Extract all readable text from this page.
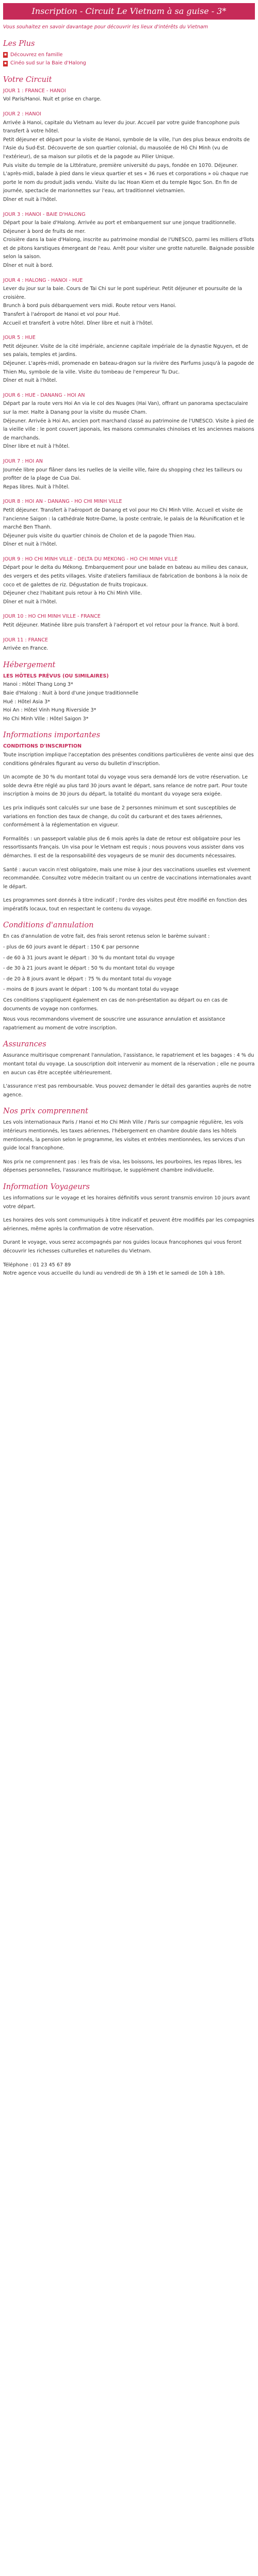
Inscription - Circuit Le Vietnam à sa guise - 3*

Vous souhaitez en savoir davantage pour découvrir les lieux d'intérêts du Vietnam

Les Plus
■ Découvrez en famille
■ Cinéo sud sur la Baie d'Halong
Votre Circuit

JOUR 1 : FRANCE - HANOI

Vol Paris/Hanoi. Nuit et prise en charge.

JOUR 2 : HANOI

Arrivée à Hanoi, capitale du Vietnam au lever du jour. Accueil par votre guide francophone puis transfert à votre hôtel.

Petit déjeuner et départ pour la visite de Hanoi, symbole de la ville, l'un des plus beaux endroits de l'Asie du Sud-Est. Découverte de son quartier colonial, du mausolée de Hô Chi Minh (vu de l'extérieur), de sa maison sur pilotis et de la pagode au Pilier Unique.

Puis visite du temple de la Littérature, première université du pays, fondée en 1070. Déjeuner. L'après-midi, balade à pied dans le vieux quartier et ses « 36 rues et corporations » où chaque rue porte le nom du produit jadis vendu. Visite du lac Hoan Kiem et du temple Ngoc Son. En fin de journée, spectacle de marionnettes sur l'eau, art traditionnel vietnamien.

Dîner et nuit à l'hôtel.

JOUR 3 : HANOI - BAIE D'HALONG

Départ pour la baie d'Halong. Arrivée au port et embarquement sur une jonque traditionnelle. Déjeuner à bord de fruits de mer.

Croisière dans la baie d'Halong, inscrite au patrimoine mondial de l'UNESCO, parmi les milliers d'îlots et de pitons karstiques émergeant de l'eau. Arrêt pour visiter une grotte naturelle. Baignade possible selon la saison.

Dîner et nuit à bord.

JOUR 4 : HALONG - HANOI - HUE

Lever du jour sur la baie. Cours de Tai Chi sur le pont supérieur. Petit déjeuner et poursuite de la croisière.

Brunch à bord puis débarquement vers midi. Route retour vers Hanoi.

Transfert à l'aéroport de Hanoi et vol pour Hué.

Accueil et transfert à votre hôtel. Dîner libre et nuit à l'hôtel.

JOUR 5 : HUE

Petit déjeuner. Visite de la cité impériale, ancienne capitale impériale de la dynastie Nguyen, et de ses palais, temples et jardins.

Déjeuner. L'après-midi, promenade en bateau-dragon sur la rivière des Parfums jusqu'à la pagode de Thien Mu, symbole de la ville. Visite du tombeau de l'empereur Tu Duc.

Dîner et nuit à l'hôtel.

JOUR 6 : HUE - DANANG - HOI AN

Départ par la route vers Hoi An via le col des Nuages (Hai Van), offrant un panorama spectaculaire sur la mer. Halte à Danang pour la visite du musée Cham.

Déjeuner. Arrivée à Hoi An, ancien port marchand classé au patrimoine de l'UNESCO. Visite à pied de la vieille ville : le pont couvert japonais, les maisons communales chinoises et les anciennes maisons de marchands.

Dîner libre et nuit à l'hôtel.

JOUR 7 : HOI AN

Journée libre pour flâner dans les ruelles de la vieille ville, faire du shopping chez les tailleurs ou profiter de la plage de Cua Dai.

Repas libres. Nuit à l'hôtel.

JOUR 8 : HOI AN - DANANG - HO CHI MINH VILLE

Petit déjeuner. Transfert à l'aéroport de Danang et vol pour Ho Chi Minh Ville. Accueil et visite de l'ancienne Saigon : la cathédrale Notre-Dame, la poste centrale, le palais de la Réunification et le marché Ben Thanh.

Déjeuner puis visite du quartier chinois de Cholon et de la pagode Thien Hau.

Dîner et nuit à l'hôtel.

JOUR 9 : HO CHI MINH VILLE - DELTA DU MEKONG - HO CHI MINH VILLE

Départ pour le delta du Mékong. Embarquement pour une balade en bateau au milieu des canaux, des vergers et des petits villages. Visite d'ateliers familiaux de fabrication de bonbons à la noix de coco et de galettes de riz. Dégustation de fruits tropicaux.

Déjeuner chez l'habitant puis retour à Ho Chi Minh Ville.

Dîner et nuit à l'hôtel.

JOUR 10 : HO CHI MINH VILLE - FRANCE

Petit déjeuner. Matinée libre puis transfert à l'aéroport et vol retour pour la France. Nuit à bord.

JOUR 11 : FRANCE

Arrivée en France.

Hébergement

LES HÔTELS PRÉVUS (OU SIMILAIRES)

Hanoi : Hôtel Thang Long 3*

Baie d'Halong : Nuit à bord d'une jonque traditionnelle

Hué : Hôtel Asia 3*

Hoi An : Hôtel Vinh Hung Riverside 3*

Ho Chi Minh Ville : Hôtel Saigon 3*

Informations importantes

CONDITIONS D'INSCRIPTION

Toute inscription implique l'acceptation des présentes conditions particulières de vente ainsi que des conditions générales figurant au verso du bulletin d'inscription.

Un acompte de 30 % du montant total du voyage vous sera demandé lors de votre réservation. Le solde devra être réglé au plus tard 30 jours avant le départ, sans relance de notre part. Pour toute inscription à moins de 30 jours du départ, la totalité du montant du voyage sera exigée.

Les prix indiqués sont calculés sur une base de 2 personnes minimum et sont susceptibles de variations en fonction des taux de change, du coût du carburant et des taxes aériennes, conformément à la réglementation en vigueur.

Formalités : un passeport valable plus de 6 mois après la date de retour est obligatoire pour les ressortissants français. Un visa pour le Vietnam est requis ; nous pouvons vous assister dans vos démarches. Il est de la responsabilité des voyageurs de se munir des documents nécessaires.

Santé : aucun vaccin n'est obligatoire, mais une mise à jour des vaccinations usuelles est vivement recommandée. Consultez votre médecin traitant ou un centre de vaccinations internationales avant le départ.

Les programmes sont donnés à titre indicatif ; l'ordre des visites peut être modifié en fonction des impératifs locaux, tout en respectant le contenu du voyage.

Conditions d'annulation

En cas d'annulation de votre fait, des frais seront retenus selon le barème suivant :

- plus de 60 jours avant le départ : 150 € par personne

- de 60 à 31 jours avant le départ : 30 % du montant total du voyage

- de 30 à 21 jours avant le départ : 50 % du montant total du voyage

- de 20 à 8 jours avant le départ : 75 % du montant total du voyage

- moins de 8 jours avant le départ : 100 % du montant total du voyage

Ces conditions s'appliquent également en cas de non-présentation au départ ou en cas de documents de voyage non conformes.

Nous vous recommandons vivement de souscrire une assurance annulation et assistance rapatriement au moment de votre inscription.

Assurances

Assurance multirisque comprenant l'annulation, l'assistance, le rapatriement et les bagages : 4 % du montant total du voyage. La souscription doit intervenir au moment de la réservation ; elle ne pourra en aucun cas être acceptée ultérieurement.

L'assurance n'est pas remboursable. Vous pouvez demander le détail des garanties auprès de notre agence.

Nos prix comprennent

Les vols internationaux Paris / Hanoi et Ho Chi Minh Ville / Paris sur compagnie régulière, les vols intérieurs mentionnés, les taxes aériennes, l'hébergement en chambre double dans les hôtels mentionnés, la pension selon le programme, les visites et entrées mentionnées, les services d'un guide local francophone.

Nos prix ne comprennent pas : les frais de visa, les boissons, les pourboires, les repas libres, les dépenses personnelles, l'assurance multirisque, le supplément chambre individuelle.

Information Voyageurs

Les informations sur le voyage et les horaires définitifs vous seront transmis environ 10 jours avant votre départ.

Les horaires des vols sont communiqués à titre indicatif et peuvent être modifiés par les compagnies aériennes, même après la confirmation de votre réservation.

Durant le voyage, vous serez accompagnés par nos guides locaux francophones qui vous feront découvrir les richesses culturelles et naturelles du Vietnam.

Téléphone : 01 23 45 67 89

Notre agence vous accueille du lundi au vendredi de 9h à 19h et le samedi de 10h à 18h.
